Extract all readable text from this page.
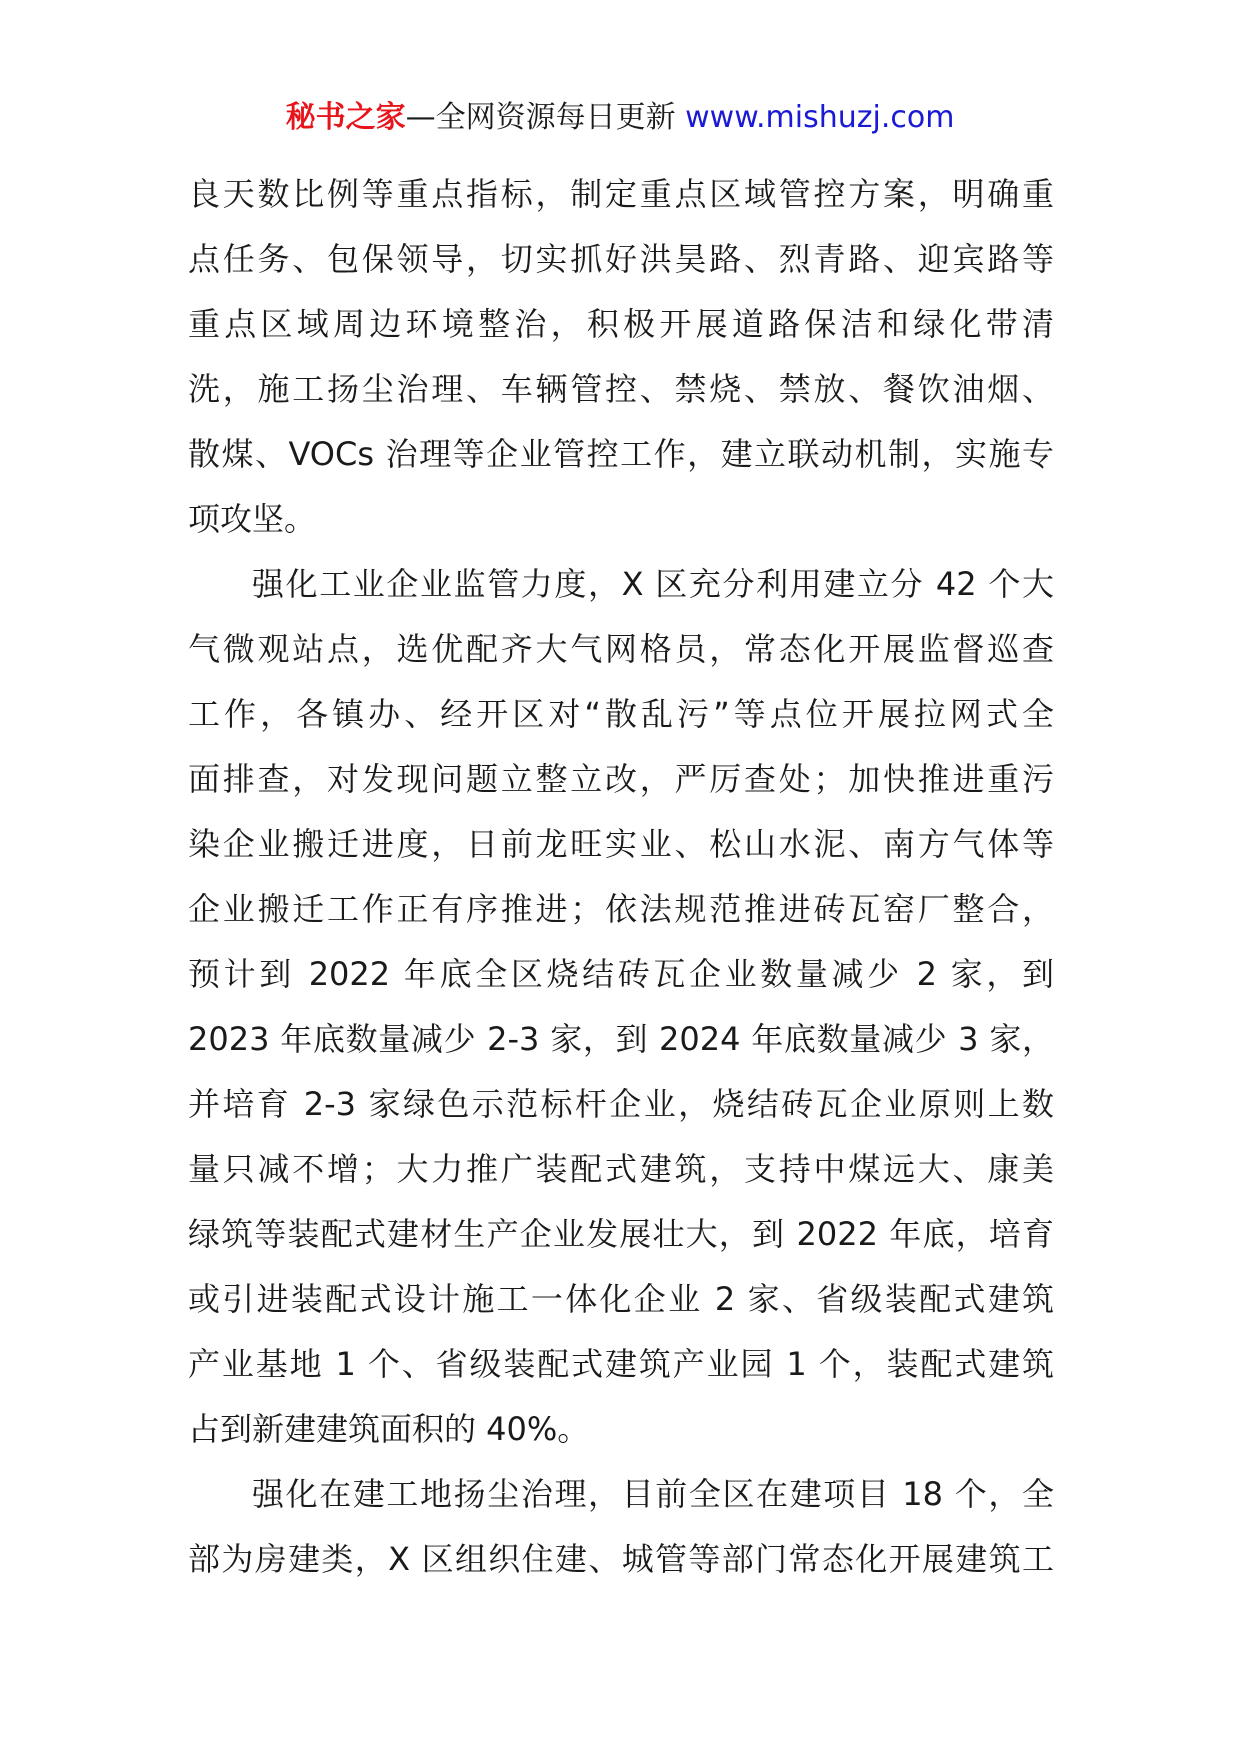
秘书之家—全网资源每日更新 www.mishuzj.com
良天数比例等重点指标，制定重点区域管控方案，明确重
点任务、包保领导，切实抓好洪昊路、烈青路、迎宾路等
重点区域周边环境整治，积极开展道路保洁和绿化带清
洗，施工扬尘治理、车辆管控、禁烧、禁放、餐饮油烟、
散煤、VOCs 治理等企业管控工作，建立联动机制，实施专
项攻坚。
强化工业企业监管力度，X 区充分利用建立分 42 个大
气微观站点，选优配齐大气网格员，常态化开展监督巡查
工作，各镇办、经开区对“散乱污”等点位开展拉网式全
面排查，对发现问题立整立改，严厉查处；加快推进重污
染企业搬迁进度，日前龙旺实业、松山水泥、南方气体等
企业搬迁工作正有序推进；依法规范推进砖瓦窑厂整合，
预计到 2022 年底全区烧结砖瓦企业数量减少 2 家，到
2023 年底数量减少 2-3 家，到 2024 年底数量减少 3 家，
并培育 2-3 家绿色示范标杆企业，烧结砖瓦企业原则上数
量只减不增；大力推广装配式建筑，支持中煤远大、康美
绿筑等装配式建材生产企业发展壮大，到 2022 年底，培育
或引进装配式设计施工一体化企业 2 家、省级装配式建筑
产业基地 1 个、省级装配式建筑产业园 1 个，装配式建筑
占到新建建筑面积的 40%。
强化在建工地扬尘治理，目前全区在建项目 18 个，全
部为房建类，X 区组织住建、城管等部门常态化开展建筑工
